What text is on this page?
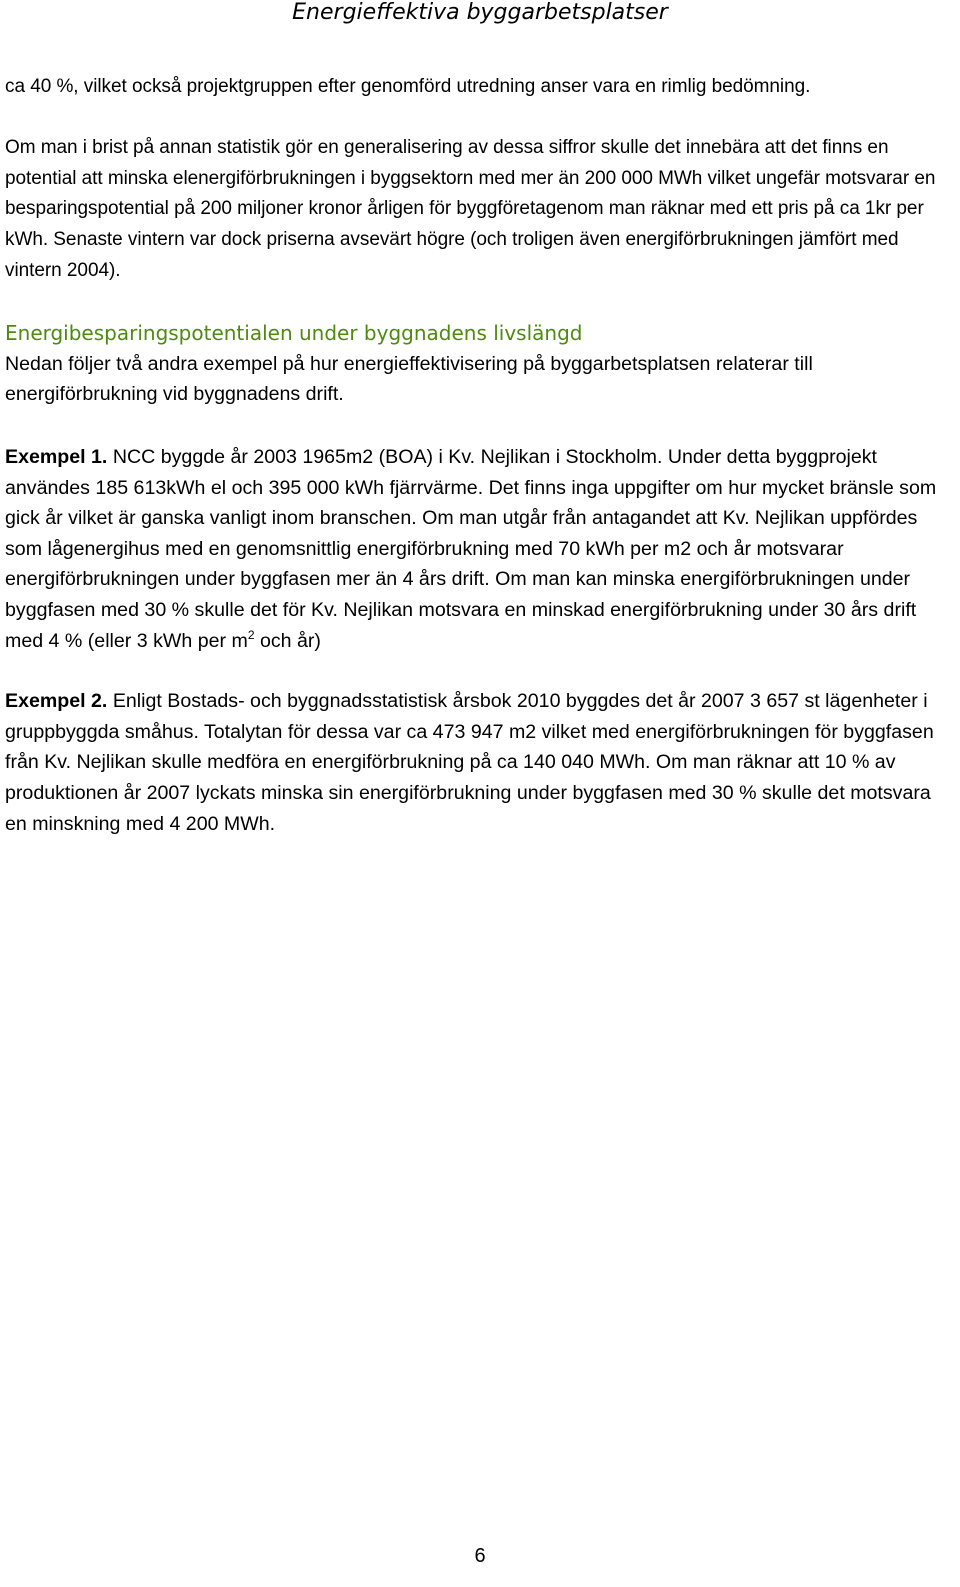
Energieffektiva byggarbetsplatser

ca 40 %, vilket också projektgruppen efter genomförd utredning anser vara en rimlig bedömning.

Om man i brist på annan statistik gör en generalisering av dessa siffror skulle det innebära att det finns en potential att minska elenergiförbrukningen i byggsektorn med mer än 200 000 MWh vilket ungefär motsvarar en besparingspotential på 200 miljoner kronor årligen för byggföretagenom man räknar med ett pris på ca 1kr per kWh. Senaste vintern var dock priserna avsevärt högre (och troligen även energiförbrukningen jämfört med vintern 2004).

Energibesparingspotentialen under byggnadens livslängd

Nedan följer två andra exempel på hur energieffektivisering på byggarbetsplatsen relaterar till energiförbrukning vid byggnadens drift.

Exempel 1. NCC byggde år 2003 1965m2 (BOA) i Kv. Nejlikan i Stockholm. Under detta byggprojekt användes 185 613kWh el och 395 000 kWh fjärrvärme. Det finns inga uppgifter om hur mycket bränsle som gick år vilket är ganska vanligt inom branschen. Om man utgår från antagandet att Kv. Nejlikan uppfördes som lågenergihus med en genomsnittlig energiförbrukning med 70 kWh per m2 och år motsvarar energiförbrukningen under byggfasen mer än 4 års drift. Om man kan minska energiförbrukningen under byggfasen med 30 % skulle det för Kv. Nejlikan motsvara en minskad energiförbrukning under 30 års drift med 4 % (eller 3 kWh per $m^2$ och år)

Exempel 2. Enligt Bostads- och byggnadsstatistisk årsbok 2010 byggdes det år 2007 3 657 st lägenheter i gruppbyggda småhus. Totalytan för dessa var ca 473 947 m2 vilket med energiförbrukningen för byggfasen från Kv. Nejlikan skulle medföra en energiförbrukning på ca 140 040 MWh. Om man räknar att 10 % av produktionen år 2007 lyckats minska sin energiförbrukning under byggfasen med 30 % skulle det motsvara en minskning med 4 200 MWh.

6
